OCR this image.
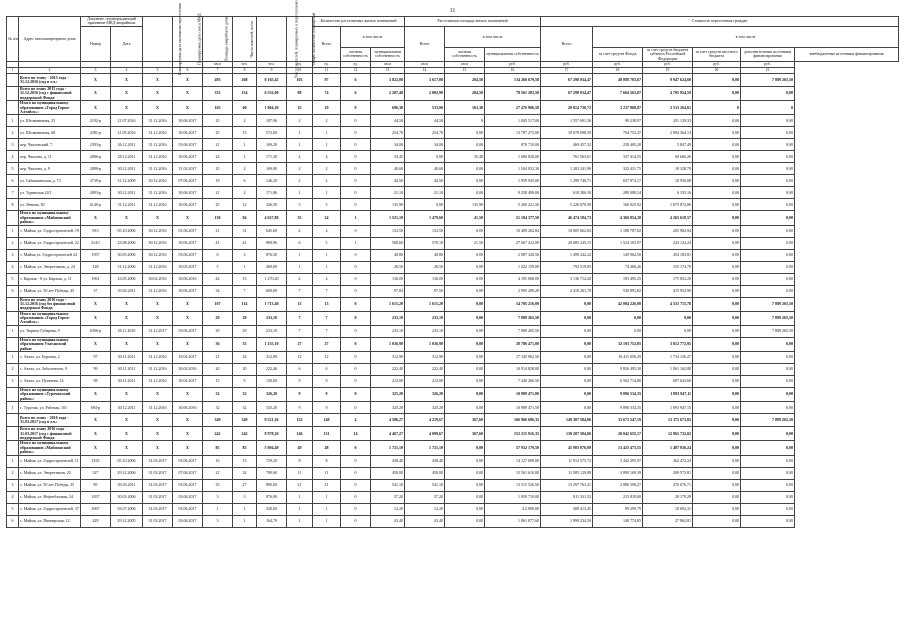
11
№ п/п	Адрес многоквартирного дома	Документ, подтверждающий признание МКД аварийным		Планируемая дата окончания переселения	Планируемая дата сноса МКД	Площадь аварийного дома	Число жителей, всего	Число жителей, планируемых к переселению	Общее количество помещений	Количество расселяемых жилых помещений			Расселяемая площадь жилых помещений			Стоимость переселения граждан					
		Номер	Дата							Всего	в том числе		Всего	в том числе		Всего	в том числе				
											частная собственность	муниципальная собственность		частная собственность	муниципальная собственность		за счет средств Фонда	за счет средств бюджета субъекта Российской Федерации	за счет средств местного бюджета	дополнительные источники финансирования	внебюджетные источники финансирования
						кв.м	чел.	чел.	ед.	ед.	ед.	кв.м	кв.м	кв.м	руб.	руб.	руб.	руб.	руб.	руб.	
1	2	3	4	5	6	7	8	9	10	11	12	13	14	15	16	17	18	19	20	21	
	Всего по этапу - 2015 года - 31.12.2016 (год в т.ч.:	X	X	X	X	493	268	8 165,45	103	97	6	3 822,00	3 617,00	204,50	134 266 679,58	67 298 034,47	48 088 783,67	9 947 624,60	0,00	7 889 265,50	
	Всего по этапу 2015 года - 31.12.2016 (год с финансовой поддержкой Фонда	X	X	X	X	333	154	6 532,00	80	74	6	2 207,40	2 002,90	204,50	79 561 283,50	67 298 034,47	7 604 563,07	4 705 954,59	0,00	0,00	
	Итого по муниципальному образованию «Город Горно-Алтайск»:	X	X	X	X	165	60	1 964,30	25	19	9	696,30	533,00	163,30	27 476 906,58	20 814 730,72	3 237 968,87	3 533 264,61	0	0	
1	ул. Шелковичная, 25	2192-р	21.07.2016	31.12.2016	30.06.2017	25	2	107,96	2	2	0	44,50	44,50	0	1 845 517,00	1 557 691,36	99 238,97	291 129,33	0,00	0,00	
2	ул. Шелковичная, 68	2381-р	21.05.2016	31.12.2016	30.06.2017	25	15	572,00	1	1	0	254,70	254,70	0,00	13 787 275,00	10 078 098,50	704 752,37	2 904 364,13	0,00	0,00	
3	пер. Чкаловский, 7	2393-р	26.12.2011	31.12.2016	03.06.2017	21	1	169,20	1	1	0	34,00	34,00	0,00	870 710,00	469 457,32	258 405,20	5 847,49	0,00	0,00	
4	пер. Чкалова, д. 11	2086-р	28.12.2011	31.12.2016	30.06.2017	24	1	171,30	4	4	0	33,45	0,00	35,48	1 686 820,00	761 563,61	337 414,55	69 666,26	0,00	0,00	
5	пер. Чкалова, д. 9	2080-р	30.12.2011	31.12.2016	31.03.2017	25	2	169,00	2	2	0	40,60	40,60	0,00	1 504 052,30	1 203 241,90	322 431,75	18 328,79	0,00	0,00	
6	ул. Сабашкинская, д. 73	4739-р	31.12.2008	30.12.2016	07.06.2017	19	6	146,20	2	2	0	44,50	44,50	0,00	1 959 945,00	1 299 740,71	657 874,17	10 930,08	0,00	0,00	
7	ул. Туринская 24/1	2093-р	30.12.2011	31.12.2016	30.06.2017	21	2	171,86	1	1	0	21,10	21,10	0,00	9 258 490,00	618 286,30	280 088,24	6 335,16	0,00	0,00	
8	ул. Ленина, 30	6140-р	31.12.2011	31.12.2016	30.06.2017	25	12	326,50	5	5	0	135,90	0,00	135,90	5 260 221,56	5 226 070,58	166 825,92	1 675 872,06	0,00	0,00	
	Итого по муниципальному образованию «Майминский район»:	X	X	X	X	130	94	4 627,80	35	34	1	1 521,10	1 479,60	41,50	51 184 377,50	46 474 184,73	4 366 854,20	4 265 618,57	0,00	0,00	
1	с. Майма, ул. Гидростроителей, 19	59/1	05.10.2006	30.12.2016	01.06.2017	21	31	645,60	4	4	0	152,50	152,50	0,00	10 409 262,84	10 005 662,84	1 188 787,02	205 902,94	0,00	0,00	
2	с. Майма, ул. Гидростроителей, 22	314/1	23.08.2006	30.12.2016	30.06.2017	41	41	969,96	6	5	1	568,60	570,10	21,50	27 667 412,00	20 685 245,15	1 524 103,97	243 124,24	0,00	0,00	
3	с. Майма ул. Гидростроителей 24	1957	30.05.2006	30.12.2016	03.06.2017	6	3	876,50	1	1	0	40,80	40,80	0,00	2 087 320,56	1 499 242,24	149 962,50	454 183,81	0,00	0,00	
4	с. Майма, ул. Энергетиков, д. 24	128	31.12.2006	31.12.2016	30.03.2017	5	1	469,00	1	1	0	20,50	20,50	0,00	1 022 159,00	792 519,95	74 466,26	155 174,70	0,00	0,00	
5	с. Карлык - 8 ул. Карлык, д. 11	1961	23.05.2006	30.02.2016	30.06.2016	42	13	1 270,20	4	4	0	136,00	136,00	0,00	4 195 068,00	3 136 714,20	193 495,25	175 852,20	0,00	0,00	
6	с. Майма, ул. 50 лет Победы, 45	37	03.04.2011	31.12.2016	30.06.2017	34	7	600,00	7	7	0	97,84	97,50	0,00	2 995 289,20	2 410 261,70	530 891,82	415 952,90	0,00	0,00	
	Всего по этапу 2016 года - 31.12.2016 (год без финансовой поддержки Фонда	X	X	X	X	107	114	1 713,40	13	13	0	1 615,20	1 615,20	0,00	54 705 216,09	0,00	42 084 226,08	4 531 715,78	0,00	7 889 265,50	
	Итого по муниципальному образованию «Город Горно-Алтайск»:	X	X	X	X	29	29	233,10	7	7	0	233,10	233,10	0,00	7 889 265,50	0,00	0,00	0,00	0,00	7 889 265,50	
1	ул. Тюрноу-Губарева, 9	6306-р	26.11.2010	31.12.2017	03.06.2017	29	29	233,10	7	7	0	233,10	233,10	0,00	7 889 265,50	0,00	0,00	0,00	0,00	7 889 265,50	
	Итого по муниципальному образованию Улаганский район:	X	X	X	X	36	53	1 155,10	27	27	0	1 036,90	1 036,90	0,00	28 786 471,00	0,00	32 193 752,05	3 812 772,95	0,00	0,00	
1	с. Актал, ул. Буровая, 2	97	30.11.2011	31.12.2016	10.04.2017	21	24	312,90	12	12	0	312,90	312,90	0,00	17 145 962,50	0,00	16 411 056,29	1 734 136,27	0,00	0,00	
2	с. Актал, ул. Заболотного, 9	99	30.11.2011	31.12.2016	30.04.2016	20	20	222,46	6	6	0	222,40	222,40	0,00	10 914 828,00	0,00	9 826 495,30	1 061 162,80	0,00	0,00	
3	с. Актал, ул. Пугачева, 14	98	30.11.2011	31.12.2016	30.04.2017	15	9	130,00	9	9	0	212,00	212,00	0,00	7 440 266,50	0,00	6 562 714,80	697 643,60	0,00	0,00	
	Итого по муниципальному образованию «Турочакский район»:	X	X	X	X	32	32	326,20	9	9	0	325,20	326,20	0,00	10 989 471,00	0,00	9 896 534,35	1 093 947,11	0,00	0,00	
1	с. Турочак, ул. Рабочая, 101	694-р	30.12.2011	31.12.2016	30.06.2016	32	32	335,20	9	9	0	325,20	325,20	0,00	10 989 471,50	0,00	9 896 534,35	1 093 947,15	0,00	0,00	
	Всего по этапу - 2016 года - 31.03.2017 (год в т.ч.:	X	X	X	X	349	349	9 521,26	152	148	4	4 586,27	4 219,67	367,60	166 966 686,35	149 387 584,06	33 673 547,19	13 375 673,82	0,00	7 889 265,50	
	Всего по этапу 2016 года - 31.03.2017 (год с финансовой поддержкой Фонда	X	X	X	X	242	242	8 978,26	146	131	14	4 467,27	4 099,67	367,60	152 215 916,35	139 207 584,06	20 042 655,17	12 965 732,02	0,00	0,00	
	Итого по муниципальному образованию «Майминский район»:	X	X	X	X	85	85	5 094,49	49	48	0	1 721,10	1 721,10	0,00	57 932 179,50	45 983 876,89	13 425 473,55	1 497 836,24	0,00	0,00	
1	с. Майма, ул. Гидростроителей, 11	2165	05.10.2006	31.03.2017	03.06.2017	16	15	729,20	8	8	0	438,40	438,40	0,00	14 127 698,00	11 912 575,72	3 442 295,97	362 472,24	0,00	0,00	
2	с. Майма, ул. Энергетиков, 22	327	29.12.2006	31.03.2017	07.06.2017	21	32	790,60	11	11	0	450,00	450,00	0,00	15 561 610,00	11 585 129,88	3 890 169,39	209 573,81	0,00	0,00	
3	с. Майма, ул. 50 лет Победы, 35	85	03.03.2011	31.03.2017	03.06.2017	35	27	800,00	21	21	0	541,10	541,10	0,00	13 515 526,50	13 297 763,41	2 886 598,27	470 676,71	0,00	0,00	
4	с. Майма, ул. Нефтебазовая, 24	1657	30.03.2006	31.03.2017	03.06.2017	3	3	876,00	1	1	0	37,20	37,20	0,00	1 050 710,00	811 331,52	215 818,00	28 179,29	0,00	0,00	
5	с. Майма, ул. Гидростроителей, 37	2067	03.07.2006	31.03.2017	03.06.2017	1	1	320,00	1	1	0	12,20	12,20	0,00	4 2 900,00	308 413,45	99 299,79	10 692,31	0,00	0,00	
6	с. Майма, ул. Пионерская, 12	429	29.12.2005	31.03.2017	03.06.2017	3	1	164,70	1	1	0	43,40	43,40	0,00	1 861 877,60	1 899 234,50	140 774,05	27 862,81	0,00	0,00	
